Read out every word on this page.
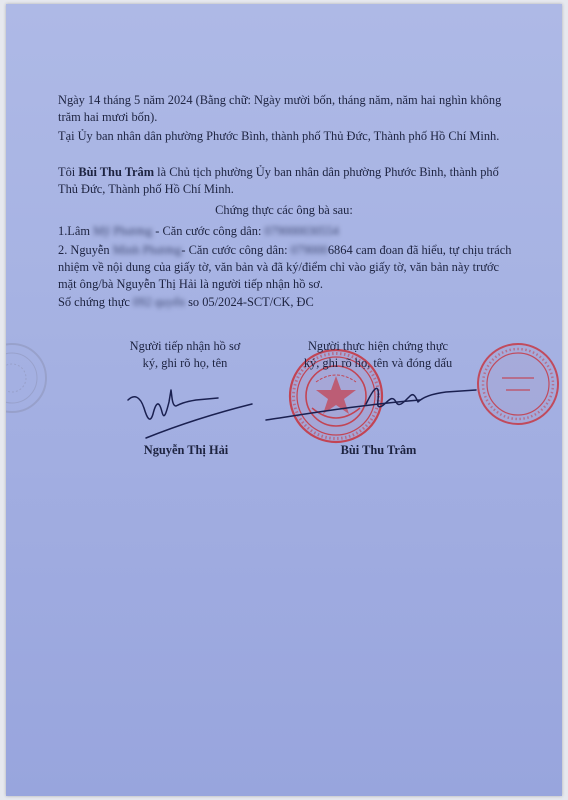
Ngày 14 tháng 5 năm 2024 (Bằng chữ: Ngày mười bốn, tháng năm, năm hai nghìn không trăm hai mươi bốn).
Tại Ủy ban nhân dân phường Phước Bình, thành phố Thủ Đức, Thành phố Hồ Chí Minh.
Tôi Bùi Thu Trâm là Chủ tịch phường Ủy ban nhân dân phường Phước Bình, thành phố Thủ Đức, Thành phố Hồ Chí Minh.
Chứng thực các ông bà sau:
1.Lâm Mỹ Phương - Căn cước công dân: 079000030554
2. Nguyễn Minh Phương- Căn cước công dân: 0790006864 cam đoan đã hiểu, tự chịu trách nhiệm về nội dung của giấy tờ, văn bản và đã ký/điểm chỉ vào giấy tờ, văn bản này trước mặt ông/bà Nguyễn Thị Hải là người tiếp nhận hồ sơ.
Số chứng thực 092 quyển so 05/2024-SCT/CK, ĐC
Người tiếp nhận hồ sơ
ký, ghi rõ họ, tên
Người thực hiện chứng thực
ký, ghi rõ họ, tên và đóng dấu
Nguyễn Thị Hải	Bùi Thu Trâm
